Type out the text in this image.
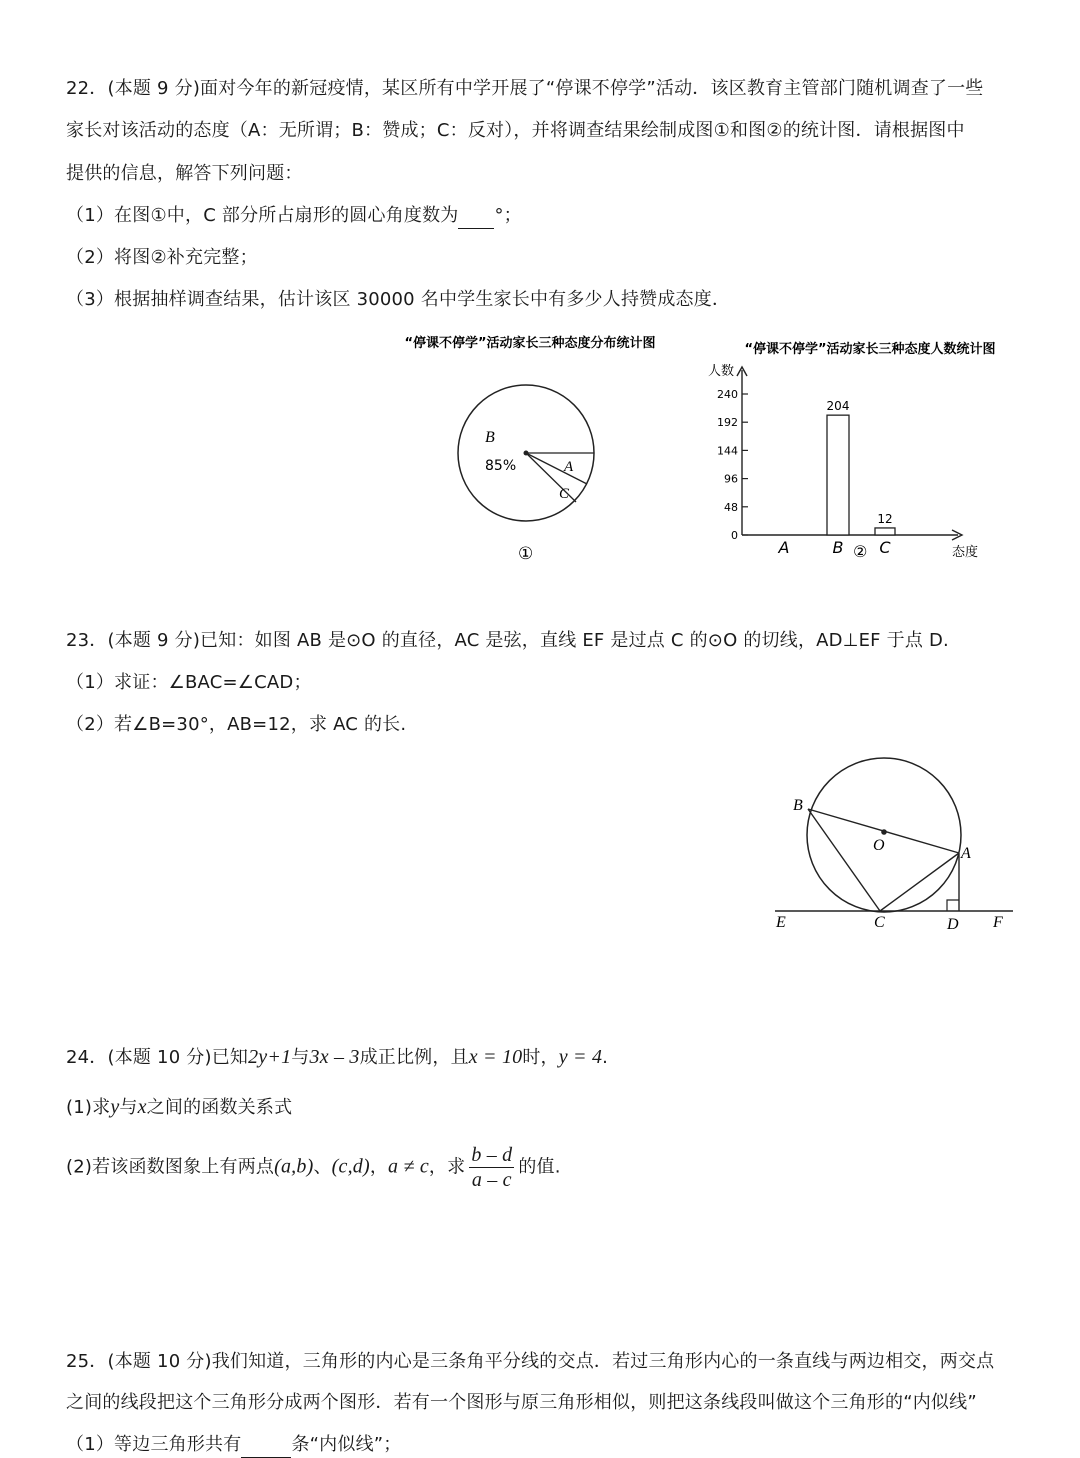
22．(本题 9 分)面对今年的新冠疫情，某区所有中学开展了“停课不停学”活动．该区教育主管部门随机调查了一些
家长对该活动的态度（A：无所谓；B：赞成；C：反对），并将调查结果绘制成图①和图②的统计图．请根据图中
提供的信息，解答下列问题：
（1）在图①中，C 部分所占扇形的圆心角度数为 °；
（2）将图②补充完整；
（3）根据抽样调查结果，估计该区 30000 名中学生家长中有多少人持赞成态度．
“停课不停学”活动家长三种态度分布统计图
B
85%	A
C
①
“停课不停学”活动家长三种态度人数统计图
人数
态度
0
48
96
144
192
240
204
12
A	B C
②
23．(本题 9 分)已知：如图 AB 是⊙O 的直径，AC 是弦，直线 EF 是过点 C 的⊙O 的切线，AD⊥EF 于点 D.
（1）求证：∠BAC=∠CAD；
（2）若∠B=30°，AB=12，求 AC 的长.
B
O	A
E	C	D F
24．(本题 10 分)已知2y+1与3x – 3成正比例，且x = 10时，y = 4.
(1)求y与x之间的函数关系式
(2)若该函数图象上有两点(a,b)、(c,d)，a ≠ c，求 $\frac{b - d}{a - c}$ 的值.
25．(本题 10 分)我们知道，三角形的内心是三条角平分线的交点．若过三角形内心的一条直线与两边相交，两交点
之间的线段把这个三角形分成两个图形．若有一个图形与原三角形相似，则把这条线段叫做这个三角形的“内似线”
（1）等边三角形共有	条“内似线”；
